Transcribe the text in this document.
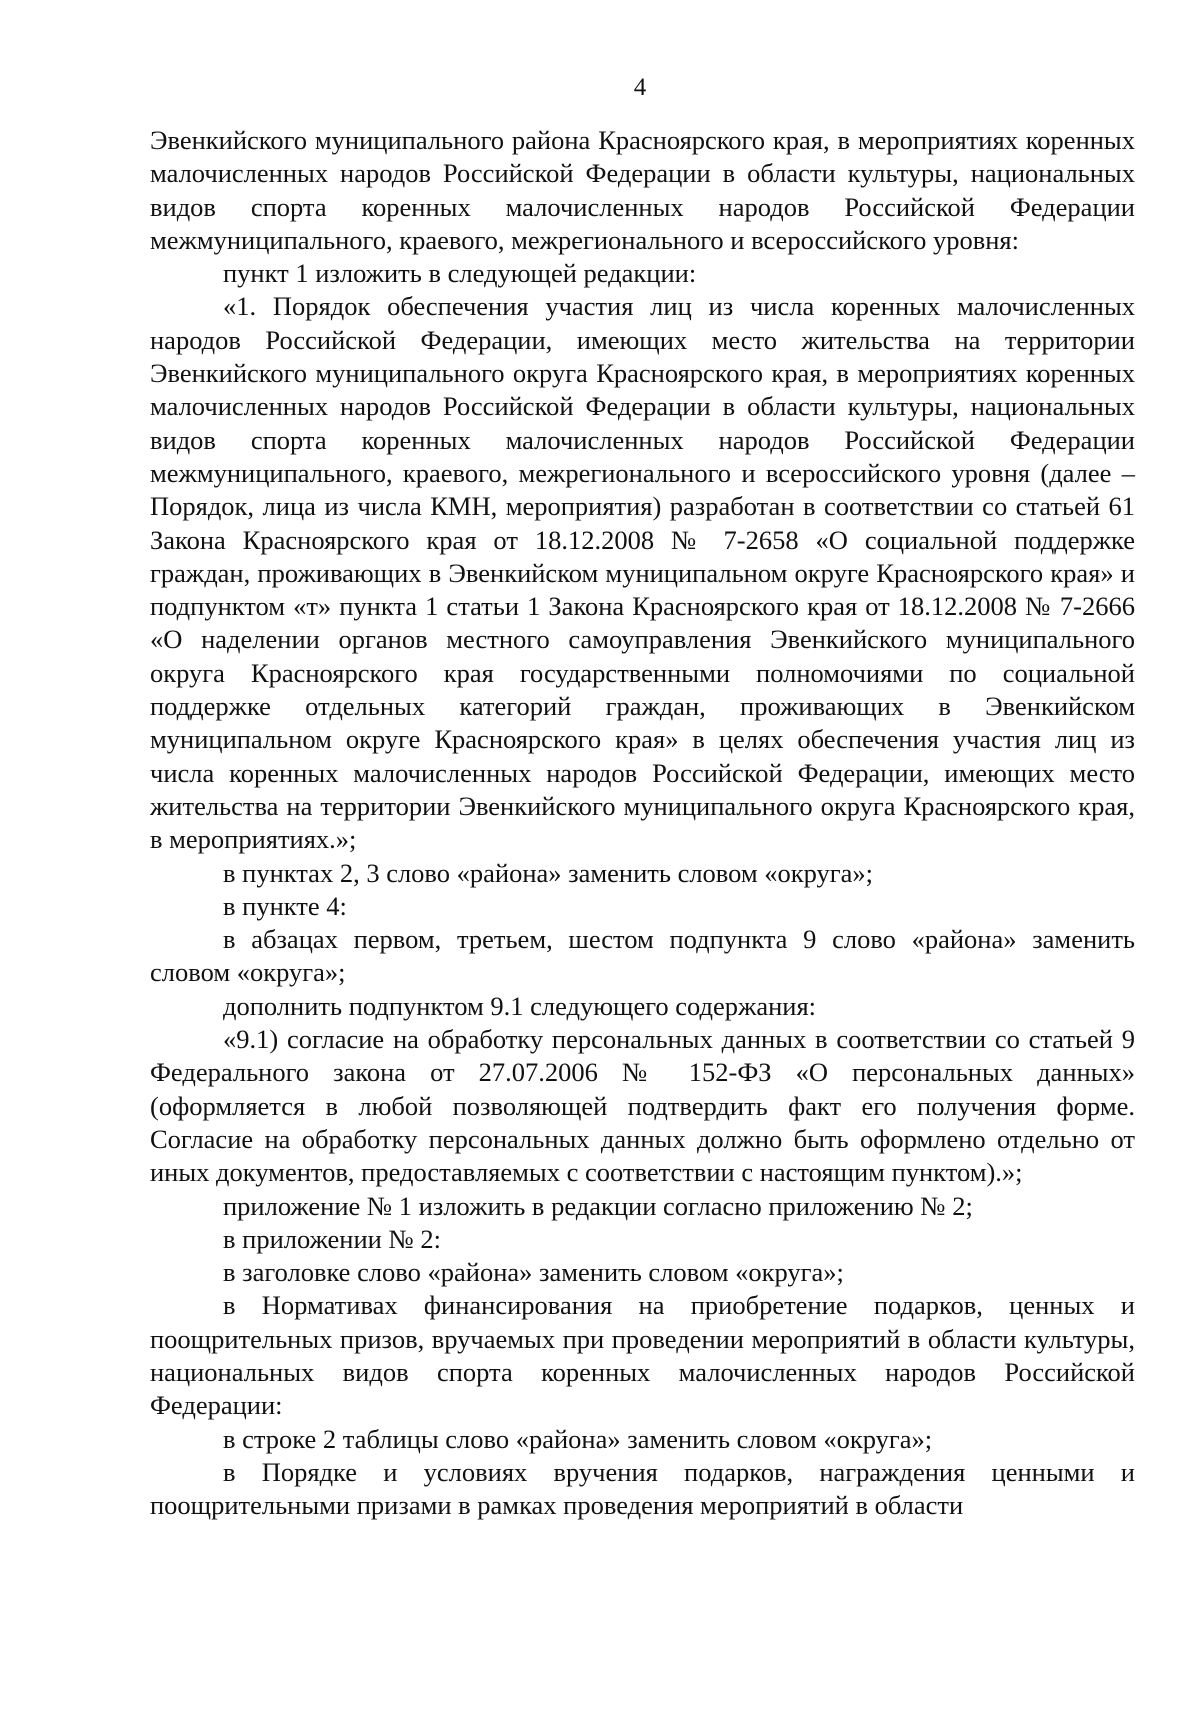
4

Эвенкийского муниципального района Красноярского края, в мероприятиях коренных малочисленных народов Российской Федерации в области культуры, национальных видов спорта коренных малочисленных народов Российской Федерации межмуниципального, краевого, межрегионального и всероссийского уровня:

пункт 1 изложить в следующей редакции:

«1. Порядок обеспечения участия лиц из числа коренных малочисленных народов Российской Федерации, имеющих место жительства на территории Эвенкийского муниципального округа Красноярского края, в мероприятиях коренных малочисленных народов Российской Федерации в области культуры, национальных видов спорта коренных малочисленных народов Российской Федерации межмуниципального, краевого, межрегионального и всероссийского уровня (далее – Порядок, лица из числа КМН, мероприятия) разработан в соответствии со статьей 61 Закона Красноярского края от 18.12.2008 № 7-2658 «О социальной поддержке граждан, проживающих в Эвенкийском муниципальном округе Красноярского края» и подпунктом «т» пункта 1 статьи 1 Закона Красноярского края от 18.12.2008 № 7-2666 «О наделении органов местного самоуправления Эвенкийского муниципального округа Красноярского края государственными полномочиями по социальной поддержке отдельных категорий граждан, проживающих в Эвенкийском муниципальном округе Красноярского края» в целях обеспечения участия лиц из числа коренных малочисленных народов Российской Федерации, имеющих место жительства на территории Эвенкийского муниципального округа Красноярского края, в мероприятиях.»;

в пунктах 2, 3 слово «района» заменить словом «округа»;

в пункте 4:

в абзацах первом, третьем, шестом подпункта 9 слово «района» заменить словом «округа»;

дополнить подпунктом 9.1 следующего содержания:

«9.1) согласие на обработку персональных данных в соответствии со статьей 9 Федерального закона от 27.07.2006 № 152-ФЗ «О персональных данных» (оформляется в любой позволяющей подтвердить факт его получения форме. Согласие на обработку персональных данных должно быть оформлено отдельно от иных документов, предоставляемых с соответствии с настоящим пунктом).»;

приложение № 1 изложить в редакции согласно приложению № 2;

в приложении № 2:

в заголовке слово «района» заменить словом «округа»;

в Нормативах финансирования на приобретение подарков, ценных и поощрительных призов, вручаемых при проведении мероприятий в области культуры, национальных видов спорта коренных малочисленных народов Российской Федерации:

в строке 2 таблицы слово «района» заменить словом «округа»;

в Порядке и условиях вручения подарков, награждения ценными и поощрительными призами в рамках проведения мероприятий в области
